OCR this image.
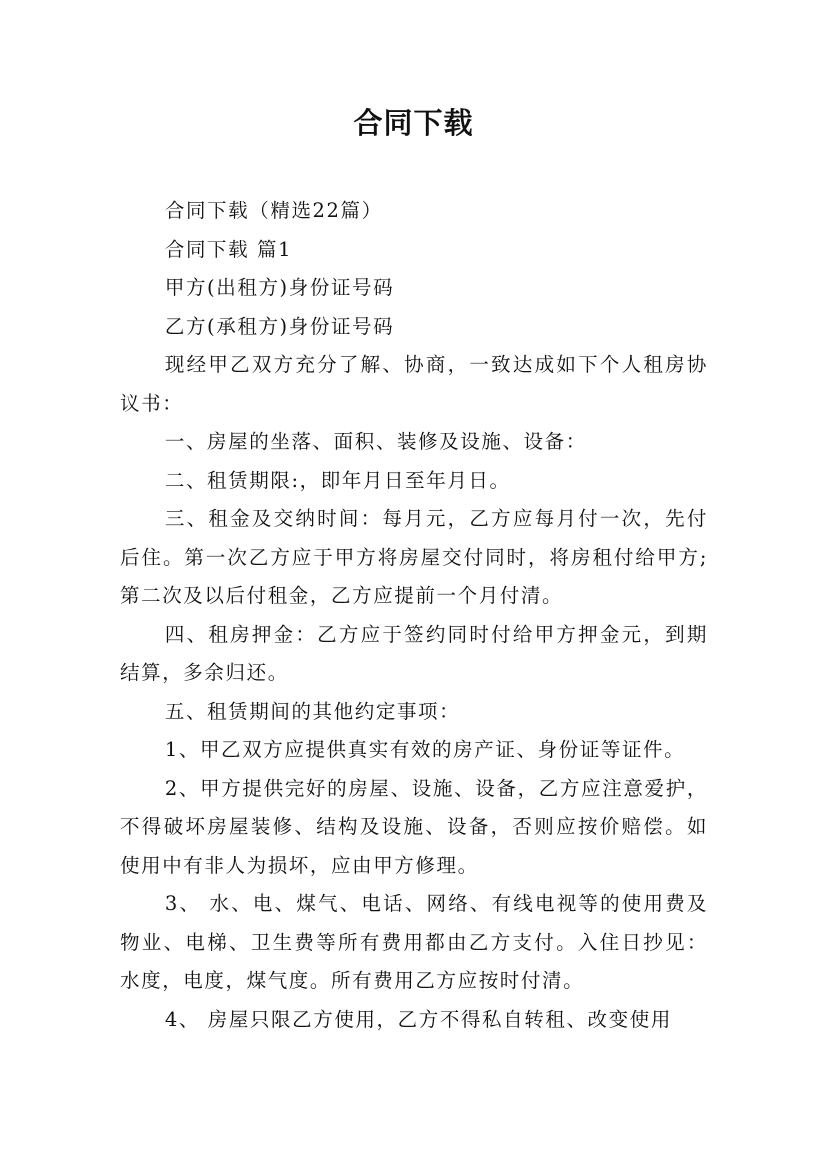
合同下载

合同下载（精选22篇）

合同下载 篇1

甲方(出租方)身份证号码

乙方(承租方)身份证号码

现经甲乙双方充分了解、协商，一致达成如下个人租房协议书：

一、房屋的坐落、面积、装修及设施、设备：

二、租赁期限:，即年月日至年月日。

三、租金及交纳时间：每月元，乙方应每月付一次，先付后住。第一次乙方应于甲方将房屋交付同时，将房租付给甲方;第二次及以后付租金，乙方应提前一个月付清。

四、租房押金：乙方应于签约同时付给甲方押金元，到期结算，多余归还。

五、租赁期间的其他约定事项：

1、甲乙双方应提供真实有效的房产证、身份证等证件。

2、甲方提供完好的房屋、设施、设备，乙方应注意爱护，不得破坏房屋装修、结构及设施、设备，否则应按价赔偿。如使用中有非人为损坏，应由甲方修理。

3、 水、电、煤气、电话、网络、有线电视等的使用费及物业、电梯、卫生费等所有费用都由乙方支付。入住日抄见：水度，电度，煤气度。所有费用乙方应按时付清。

4、 房屋只限乙方使用，乙方不得私自转租、改变使用
